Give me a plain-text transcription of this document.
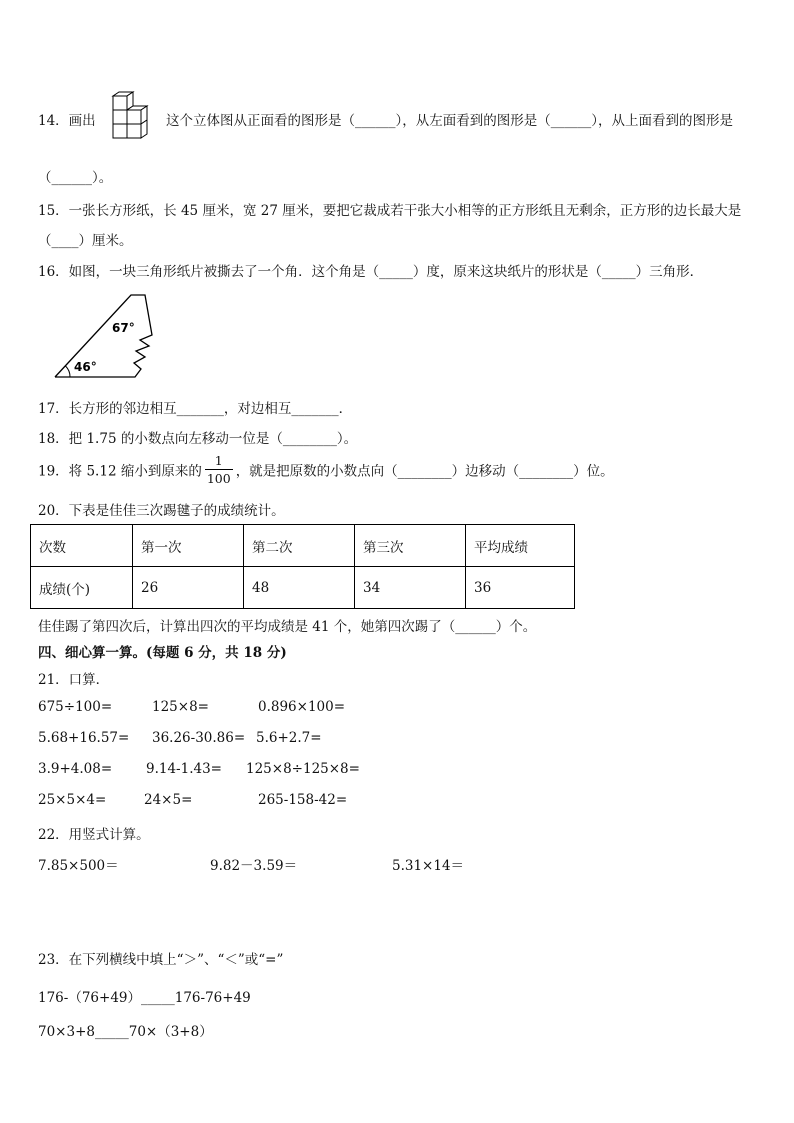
14．画出	这个立体图从正面看的图形是（______），从左面看到的图形是（______），从上面看到的图形是
（______）。
15．一张长方形纸，长 45 厘米，宽 27 厘米，要把它裁成若干张大小相等的正方形纸且无剩余，正方形的边长最大是
（____）厘米。
16．如图，一块三角形纸片被撕去了一个角．这个角是（_____）度，原来这块纸片的形状是（_____）三角形．
67°
46°
17．长方形的邻边相互_______，对边相互_______．
18．把 1.75 的小数点向左移动一位是（________）。
19．将 5.12 缩小到原来的 $\frac{1}{100}$ ，就是把原数的小数点向（________）边移动（________）位。
20．下表是佳佳三次踢毽子的成绩统计。
次数	第一次	第二次	第三次	平均成绩
成绩(个)	26	48	34	36
佳佳踢了第四次后，计算出四次的平均成绩是 41 个，她第四次踢了（______）个。
四、细心算一算。(每题 6 分，共 18 分)
21．口算．
675÷100=	125×8=	0.896×100=
5.68+16.57= 36.26-30.86= 5.6+2.7=
3.9+4.08=	9.14-1.43= 125×8÷125×8=
25×5×4=	24×5=	265-158-42=
22．用竖式计算。
7.85×500＝	9.82－3.59＝	5.31×14＝
23．在下列横线中填上“＞”、“＜”或“=”
176-（76+49）_____176-76+49
70×3+8_____70×（3+8）
